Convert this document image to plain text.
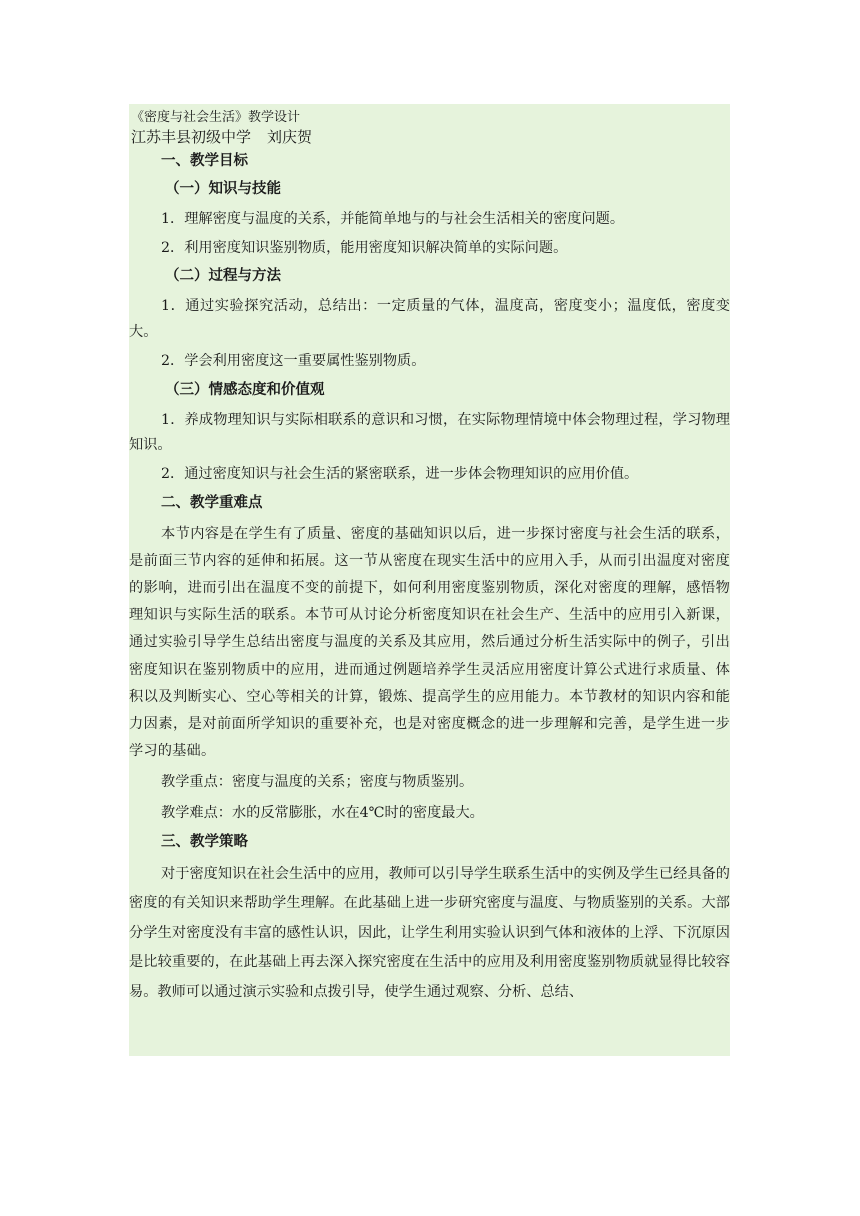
《密度与社会生活》教学设计
江苏丰县初级中学 刘庆贺
一、教学目标
（一）知识与技能

1．理解密度与温度的关系，并能简单地与的与社会生活相关的密度问题。

2．利用密度知识鉴别物质，能用密度知识解决简单的实际问题。

（二）过程与方法

1．通过实验探究活动，总结出：一定质量的气体，温度高，密度变小；温度低，密度变大。

2．学会利用密度这一重要属性鉴别物质。

（三）情感态度和价值观

1．养成物理知识与实际相联系的意识和习惯，在实际物理情境中体会物理过程，学习物理知识。

2．通过密度知识与社会生活的紧密联系，进一步体会物理知识的应用价值。

二、教学重难点

本节内容是在学生有了质量、密度的基础知识以后，进一步探讨密度与社会生活的联系，是前面三节内容的延伸和拓展。这一节从密度在现实生活中的应用入手，从而引出温度对密度的影响，进而引出在温度不变的前提下，如何利用密度鉴别物质，深化对密度的理解，感悟物理知识与实际生活的联系。本节可从讨论分析密度知识在社会生产、生活中的应用引入新课，通过实验引导学生总结出密度与温度的关系及其应用，然后通过分析生活实际中的例子，引出密度知识在鉴别物质中的应用，进而通过例题培养学生灵活应用密度计算公式进行求质量、体积以及判断实心、空心等相关的计算，锻炼、提高学生的应用能力。本节教材的知识内容和能力因素，是对前面所学知识的重要补充，也是对密度概念的进一步理解和完善，是学生进一步学习的基础。

教学重点：密度与温度的关系；密度与物质鉴别。

教学难点：水的反常膨胀，水在4℃时的密度最大。

三、教学策略

对于密度知识在社会生活中的应用，教师可以引导学生联系生活中的实例及学生已经具备的密度的有关知识来帮助学生理解。在此基础上进一步研究密度与温度、与物质鉴别的关系。大部分学生对密度没有丰富的感性认识，因此，让学生利用实验认识到气体和液体的上浮、下沉原因是比较重要的，在此基础上再去深入探究密度在生活中的应用及利用密度鉴别物质就显得比较容易。教师可以通过演示实验和点拨引导，使学生通过观察、分析、总结、
